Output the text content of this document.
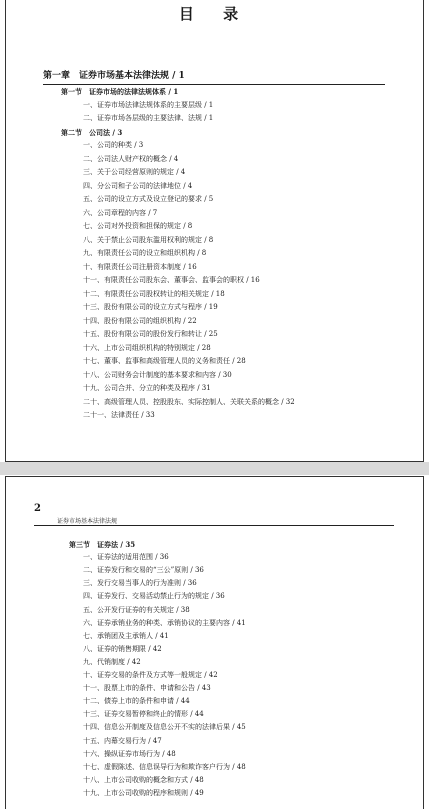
目 录
第一章　证券市场基本法律法规 / 1
第一节　证券市场的法律法规体系 / 1
一、证券市场法律法规体系的主要层级 / 1
二、证券市场各层级的主要法律、法规 / 1
第二节　公司法 / 3
一、公司的种类 / 3
二、公司法人财产权的概念 / 4
三、关于公司经营原则的规定 / 4
四、分公司和子公司的法律地位 / 4
五、公司的设立方式及设立登记的要求 / 5
六、公司章程的内容 / 7
七、公司对外投资和担保的规定 / 8
八、关于禁止公司股东滥用权利的规定 / 8
九、有限责任公司的设立和组织机构 / 8
十、有限责任公司注册资本制度 / 16
十一、有限责任公司股东会、董事会、监事会的职权 / 16
十二、有限责任公司股权转让的相关规定 / 18
十三、股份有限公司的设立方式与程序 / 19
十四、股份有限公司的组织机构 / 22
十五、股份有限公司的股份发行和转让 / 25
十六、上市公司组织机构的特别规定 / 28
十七、董事、监事和高级管理人员的义务和责任 / 28
十八、公司财务会计制度的基本要求和内容 / 30
十九、公司合并、分立的种类及程序 / 31
二十、高级管理人员、控股股东、实际控制人、关联关系的概念 / 32
二十一、法律责任 / 33
2
证券市场基本法律法规
第三节　证券法 / 35
一、证券法的适用范围 / 36
二、证券发行和交易的“三公”原则 / 36
三、发行交易当事人的行为准则 / 36
四、证券发行、交易活动禁止行为的规定 / 36
五、公开发行证券的有关规定 / 38
六、证券承销业务的种类、承销协议的主要内容 / 41
七、承销团及主承销人 / 41
八、证券的销售期限 / 42
九、代销制度 / 42
十、证券交易的条件及方式等一般规定 / 42
十一、股票上市的条件、申请和公告 / 43
十二、债券上市的条件和申请 / 44
十三、证券交易暂停和终止的情形 / 44
十四、信息公开制度及信息公开不实的法律后果 / 45
十五、内幕交易行为 / 47
十六、操纵证券市场行为 / 48
十七、虚假陈述、信息误导行为和欺诈客户行为 / 48
十八、上市公司收购的概念和方式 / 48
十九、上市公司收购的程序和规则 / 49
